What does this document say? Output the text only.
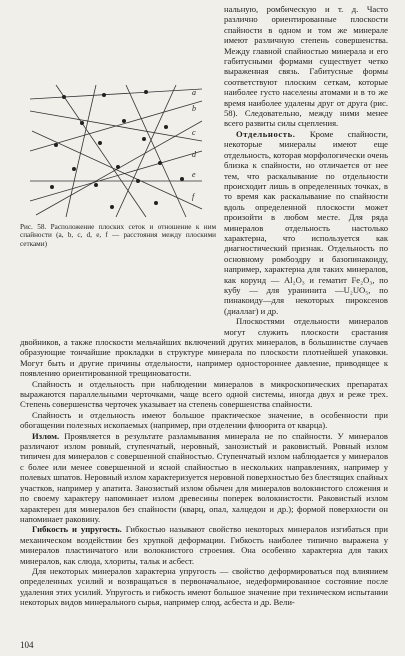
a
b
c
d
e
f
Рис. 58. Расположение плоских сеток и отношение к ним спайности (a, b, c, d, e, f — расстояния между плоскими сетками)

нальную, ромбическую и т. д. Часто различно ориентированные плоскости спайности в одном и том же минерале имеют различную степень совершенства. Между главной спайностью минерала и его габитусными формами существует четко выраженная связь. Габитусные формы соответствуют плоским сеткам, которые наиболее густо населены атомами и в то же время наиболее удалены друг от друга (рис. 58). Следовательно, между ними менее всего развиты силы сцепления.

Отдельность. Кроме спайности, некоторые минералы имеют еще отдельность, которая морфологически очень близка к спайности, но отличается от нее тем, что раскалывание по отдельности происходит лишь в определенных точках, в то время как раскалывание по спайности вдоль определенной плоскости может произойти в любом месте. Для ряда минералов отдельность настолько характерна, что используется как диагностический признак. Отдельность по основному ромбоэдру и базопинакоиду, например, характерна для таких минералов, как корунд — Al₂O₃ и гематит Fe₂O₃, по кубу — для уранинита —U₂UO₅, по пинакоиду—для некоторых пироксенов (диаллаг) и др.

Плоскостями отдельности минералов могут служить плоскости срастания двойников, а также плоскости мельчайших включений других минералов, в большинстве случаев образующие тончайшие прокладки в структуре минерала по плоскости плотнейшей упаковки. Могут быть и другие причины отдельности, например одностороннее давление, приводящее к появлению ориентированной трещиноватости.

Спайность и отдельность при наблюдении минералов в микроскопических препаратах выражаются параллельными черточками, чаще всего одной системы, иногда двух и реже трех. Степень совершенства черточек указывает на степень совершенства спайности.

Спайность и отдельность имеют большое практическое значение, в особенности при обогащении полезных ископаемых (например, при отделении флюорита от кварца).

Излом. Проявляется в результате разламывания минерала не по спайности. У минералов различают излом ровный, ступенчатый, неровный, занозистый и раковистый. Ровный излом типичен для минералов с совершенной спайностью. Ступенчатый излом наблюдается у минералов с более или менее совершенной и ясной спайностью в нескольких направлениях, например у полевых шпатов. Неровный излом характеризуется неровной поверхностью без блестящих спайных участков, например у апатита. Занозистый излом обычен для минералов волокнистого сложения и по своему характеру напоминает излом древесины поперек волокнистости. Раковистый излом характерен для минералов без спайности (кварц, опал, халцедон и др.); формой поверхности он напоминает раковину.

Гибкость и упругость. Гибкостью называют свойство некоторых минералов изгибаться при механическом воздействии без хрупкой деформации. Гибкость наиболее типично выражена у минералов пластинчатого или волокнистого строения. Она особенно характерна для таких минералов, как слюда, хлориты, тальк и асбест.

Для некоторых минералов характерна упругость — свойство деформироваться под влиянием определенных усилий и возвращаться в первоначальное, недеформированное состояние после удаления этих усилий. Упругость и гибкость имеют большое значение при техническом испытании некоторых видов минерального сырья, например слюд, асбеста и др. Вели-

104
